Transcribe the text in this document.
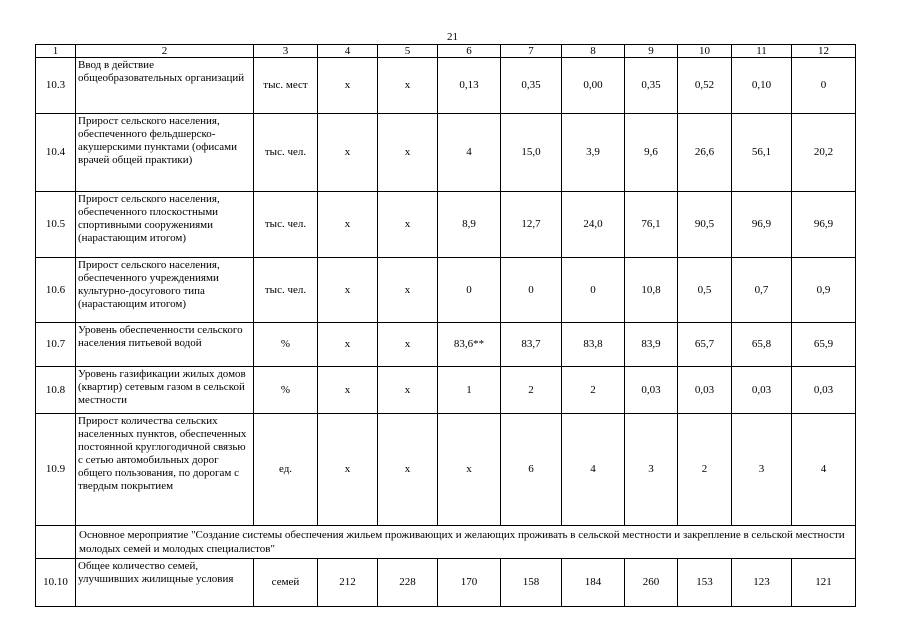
21
1	2	3	4	5	6	7	8	9	10	11	12
10.3	Ввод в действие общеобразовательных организаций	тыс. мест	х	х	0,13	0,35	0,00	0,35	0,52	0,10	0
10.4	Прирост сельского населения, обеспеченного фельдшерско-акушерскими пунктами (офисами врачей общей практики)	тыс. чел.	х	х	4	15,0	3,9	9,6	26,6	56,1	20,2
10.5	Прирост сельского населения, обеспеченного плоскостными спортивными сооружениями (нарастающим итогом)	тыс. чел.	х	х	8,9	12,7	24,0	76,1	90,5	96,9	96,9
10.6	Прирост сельского населения, обеспеченного учреждениями культурно-досугового типа (нарастающим итогом)	тыс. чел.	х	х	0	0	0	10,8	0,5	0,7	0,9
10.7	Уровень обеспеченности сельского населения питьевой водой	%	х	х	83,6**	83,7	83,8	83,9	65,7	65,8	65,9
10.8	Уровень газификации жилых домов (квартир) сетевым газом в сельской местности	%	х	х	1	2	2	0,03	0,03	0,03	0,03
10.9	Прирост количества сельских населенных пунктов, обеспеченных постоянной круглогодичной связью с сетью автомобильных дорог общего пользования, по дорогам с твердым покрытием	ед.	х	х	х	6	4	3	2	3	4
	Основное мероприятие "Создание системы обеспечения жильем проживающих и желающих проживать в сельской местности и закрепление в сельской местности молодых семей и молодых специалистов"										
10.10	Общее количество семей, улучшивших жилищные условия	семей	212	228	170	158	184	260	153	123	121
